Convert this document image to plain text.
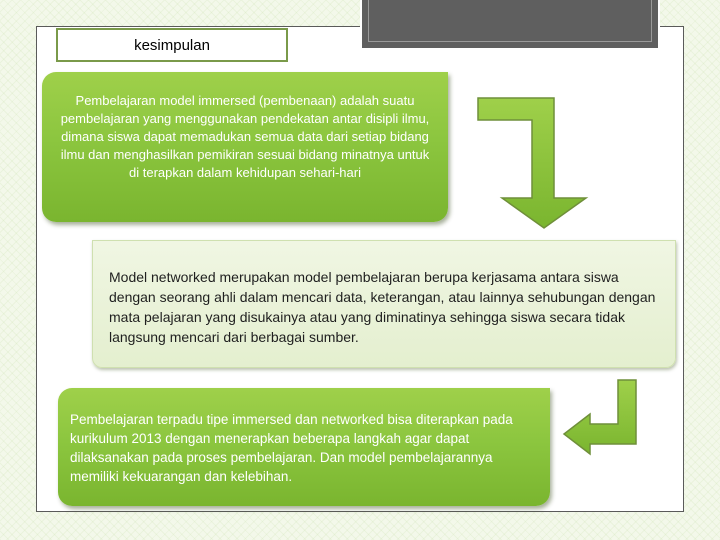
kesimpulan
Pembelajaran model immersed (pembenaan) adalah suatu pembelajaran yang menggunakan pendekatan antar disipli ilmu, dimana siswa dapat memadukan semua data dari setiap bidang ilmu dan menghasilkan pemikiran sesuai bidang minatnya untuk di terapkan dalam kehidupan sehari-hari
Model networked merupakan model pembelajaran berupa kerjasama antara siswa dengan seorang ahli dalam mencari data, keterangan, atau lainnya sehubungan dengan mata pelajaran yang disukainya atau yang diminatinya sehingga siswa secara tidak langsung mencari dari berbagai sumber.
Pembelajaran terpadu tipe immersed dan networked bisa diterapkan pada kurikulum 2013 dengan menerapkan beberapa langkah agar dapat dilaksanakan pada proses pembelajaran. Dan model pembelajarannya memiliki kekuarangan dan kelebihan.
